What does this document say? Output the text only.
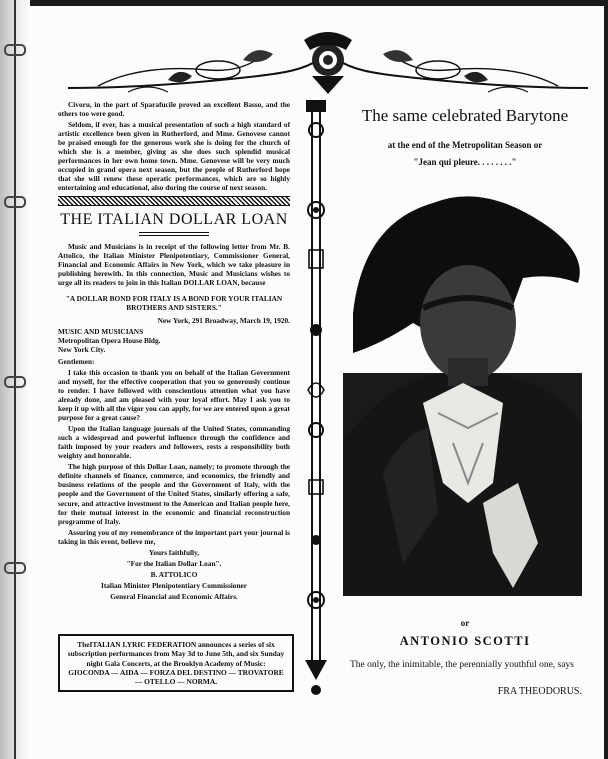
Civoru, in the part of Sparafucile proved an excellent Basso, and the others too were good.

Seldom, if ever, has a musical presentation of such a high standard of artistic excellence been given in Rutherford, and Mme. Genovese cannot be praised enough for the generous work she is doing for the church of which she is a member, giving as she does such splendid musical performances in her own home town. Mme. Genovese will be very much occupied in grand opera next season, but the people of Rutherford hope that she will renew these operatic performances, which are so highly entertaining and educational, also during the course of next season.

THE ITALIAN DOLLAR LOAN

Music and Musicians is in receipt of the following letter from Mr. B. Attolico, the Italian Minister Plenipotentiary, Commissioner General, Financial and Economic Affairs in New York, which we take pleasure in publishing herewith. In this connection, Music and Musicians wishes to urge all its readers to join in this Italian DOLLAR LOAN, because

"A DOLLAR BOND FOR ITALY IS A BOND FOR YOUR ITALIAN BROTHERS AND SISTERS."

New York, 291 Broadway, March 19, 1920.

MUSIC AND MUSICIANS

Metropolitan Opera House Bldg.

New York City.

Gentlemen:

I take this occasion to thank you on behalf of the Italian Government and myself, for the effective cooperation that you so generously continue to render. I have followed with conscientious attention what you have already done, and am pleased with your loyal effort. May I ask you to keep it up with all the vigor you can apply, for we are entered upon a great purpose for a great cause?

Upon the Italian language journals of the United States, commanding such a widespread and powerful influence through the confidence and faith imposed by your readers and followers, rests a responsibility both weighty and honorable.

The high purpose of this Dollar Loan, namely; to promote through the definite channels of finance, commerce, and economics, the friendly and business relations of the people and the Government of Italy, with the people and the Government of the United States, similarly offering a safe, secure, and attractive investment to the American and Italian people here, for their mutual interest in the economic and financial reconstruction programme of Italy.

Assuring you of my remembrance of the important part your journal is taking in this event, believe me,

Yours faithfully,

"For the Italian Dollar Loan".

B. ATTOLICO

Italian Minister Plenipotentiary Commissioner

General Financial and Economic Affairs.

TheITALIAN LYRIC FEDERATION announces a series of six subscription performances from May 3d to June 5th, and six Sunday night Gala Concerts, at the Brooklyn Academy of Music: GIOCONDA — AIDA — FORZA DEL DESTINO — TROVATORE — OTELLO — NORMA.
The same celebrated Barytone
at the end of the Metropolitan Season or
"Jean qui pleure. . . . . . . ."
or
ANTONIO SCOTTI
The only, the inimitable, the perennially youthful one, says
FRA THEODORUS.
